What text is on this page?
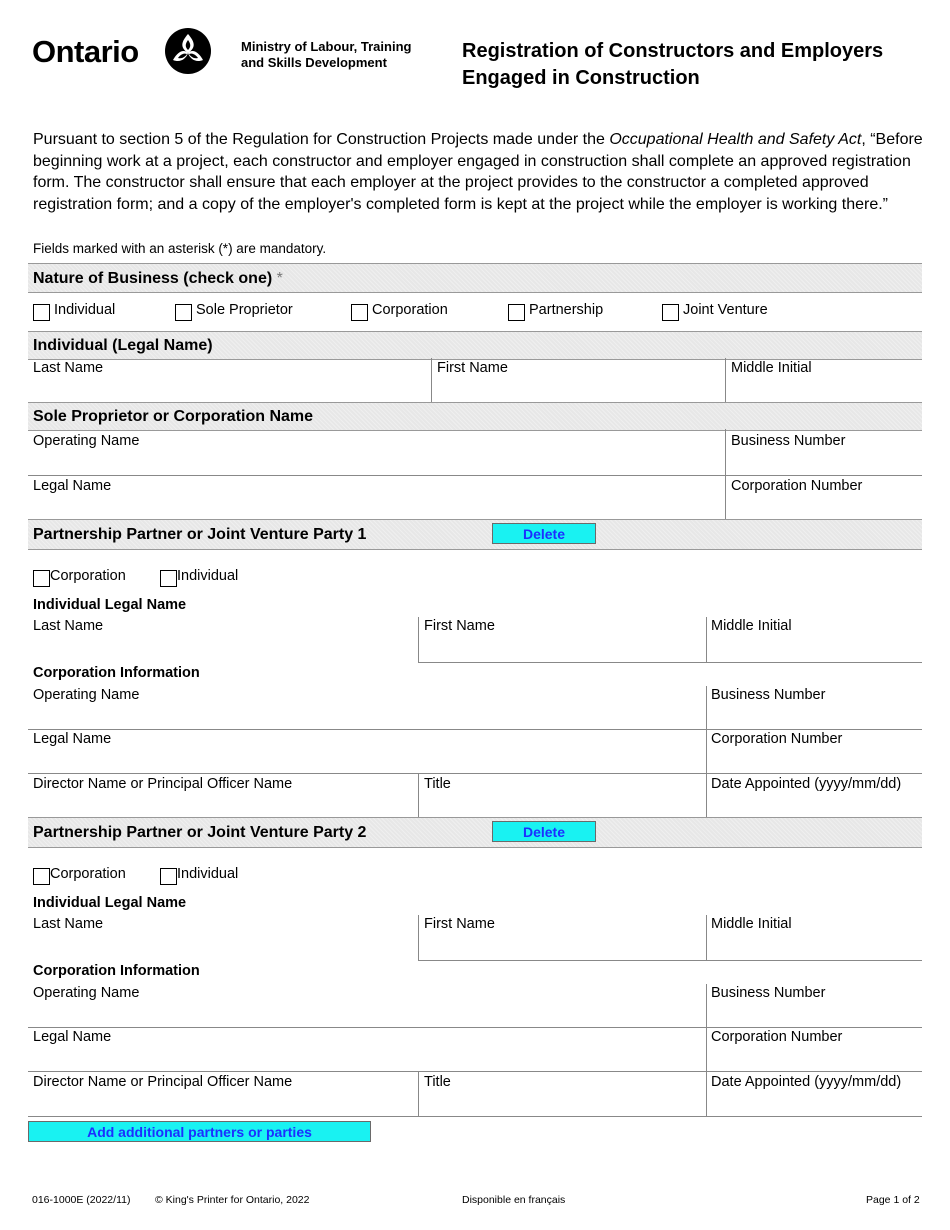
Ontario	Ministry of Labour, Training
and Skills Development
Registration of Constructors and Employers
Engaged in Construction
Pursuant to section 5 of the Regulation for Construction Projects made under the Occupational Health and Safety Act, “Before beginning work at a project, each constructor and employer engaged in construction shall complete an approved registration form. The constructor shall ensure that each employer at the project provides to the constructor a completed approved registration form; and a copy of the employer's completed form is kept at the project while the employer is working there.”
Fields marked with an asterisk (*) are mandatory.
Nature of Business (check one) *
Individual	Sole Proprietor	Corporation	Partnership	Joint Venture
Individual (Legal Name)
Last Name	First Name	Middle Initial
Sole Proprietor or Corporation Name
Operating Name	Business Number
Legal Name	Corporation Number
Partnership Partner or Joint Venture Party 1	Delete
Corporation	Individual
Individual Legal Name
Last Name	First Name	Middle Initial
Corporation Information
Operating Name	Business Number
Legal Name	Corporation Number
Director Name or Principal Officer Name	Title	Date Appointed (yyyy/mm/dd)
Partnership Partner or Joint Venture Party 2	Delete
Corporation	Individual
Individual Legal Name
Last Name	First Name	Middle Initial
Corporation Information
Operating Name	Business Number
Legal Name	Corporation Number
Director Name or Principal Officer Name	Title	Date Appointed (yyyy/mm/dd)
Add additional partners or parties
016-1000E (2022/11) © King's Printer for Ontario, 2022	Disponible en français	Page 1 of 2
